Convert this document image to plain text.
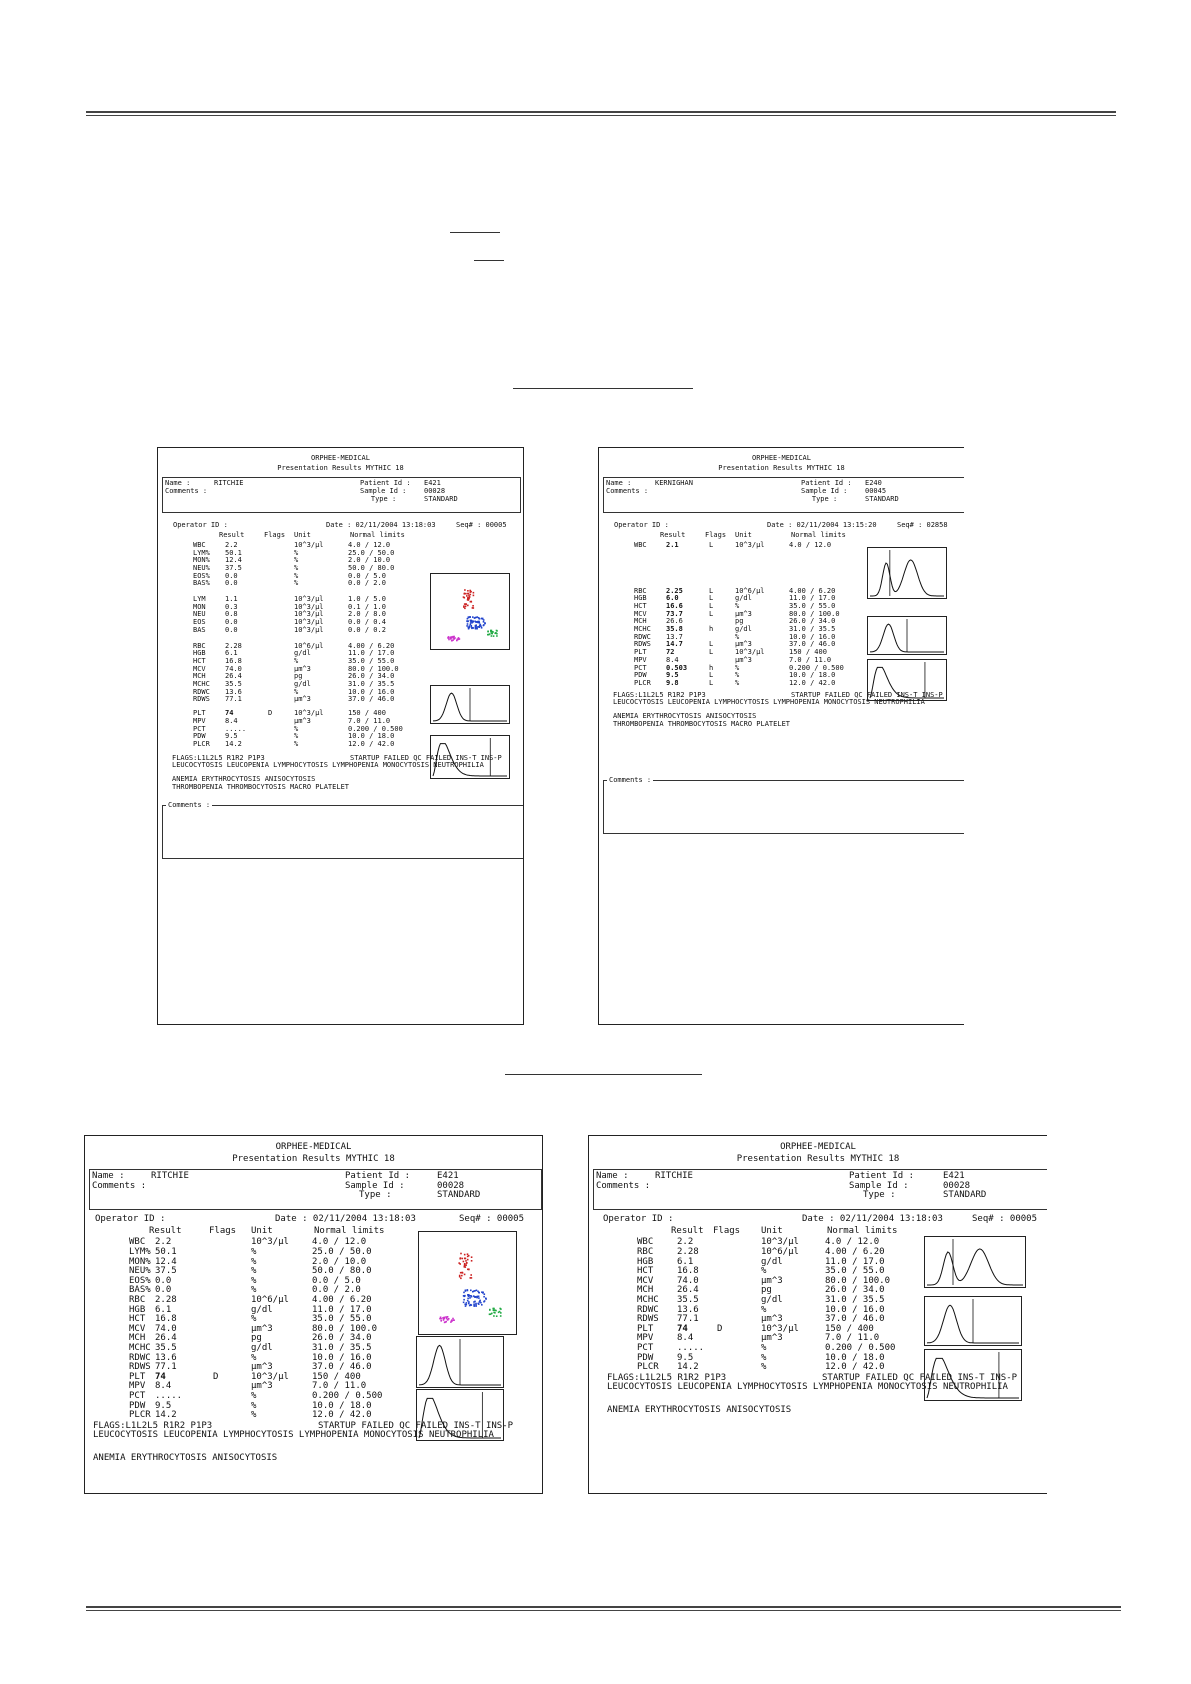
ORPHEE-MEDICAL
Presentation Results MYTHIC 18
Name :	RITCHIE
Comments :
Patient Id : E421
Sample Id :	00028
Type :	STANDARD
Operator ID :	Date : 02/11/2004 13:18:03	Seq# : 00005
Result	Flags Unit	Normal limits
WBC	2.2	10^3/µl	4.0 / 12.0
LYM% 50.1	%	25.0 / 50.0
MON% 12.4	%	2.0 / 10.0
NEU% 37.5	%	50.0 / 80.0
EOS% 0.0	%	0.0 / 5.0
BAS% 0.0	%	0.0 / 2.0
LYM	1.1	10^3/µl	1.0 / 5.0
MON	0.3	10^3/µl	0.1 / 1.0
NEU	0.8	10^3/µl	2.0 / 8.0
EOS	0.0	10^3/µl	0.0 / 0.4
BAS	0.0	10^3/µl	0.0 / 0.2
RBC	2.28	10^6/µl	4.00 / 6.20
HGB	6.1	g/dl	11.0 / 17.0
HCT	16.8	%	35.0 / 55.0
MCV	74.0	µm^3	80.0 / 100.0
MCH	26.4	pg	26.0 / 34.0
MCHC 35.5	g/dl	31.0 / 35.5
RDWC 13.6	%	10.0 / 16.0
RDWS 77.1	µm^3	37.0 / 46.0
PLT	74	D	10^3/µl	150 / 400
MPV	8.4	µm^3	7.0 / 11.0
PCT	.....	%	0.200 / 0.500
PDW	9.5	%	10.0 / 18.0
PLCR 14.2	%	12.0 / 42.0
FLAGS:L1L2L5 R1R2 P1P3	STARTUP FAILED QC FAILED INS-T INS-P
LEUCOCYTOSIS LEUCOPENIA LYMPHOCYTOSIS LYMPHOPENIA MONOCYTOSIS NEUTROPHILIA
ANEMIA ERYTHROCYTOSIS ANISOCYTOSIS
THROMBOPENIA THROMBOCYTOSIS MACRO PLATELET
Comments :
ORPHEE-MEDICAL
Presentation Results MYTHIC 18
Name :	KERNIGHAN
Comments :
Patient Id : E240
Sample Id :	00045
Type :	STANDARD
Operator ID :	Date : 02/11/2004 13:15:20	Seq# : 02858
Result	Flags Unit	Normal limits
WBC	2.1	L	10^3/µl	4.0 / 12.0
RBC	2.25	L	10^6/µl	4.00 / 6.20
HGB	6.0	L	g/dl	11.0 / 17.0
HCT	16.6	L	%	35.0 / 55.0
MCV	73.7	L	µm^3	80.0 / 100.0
MCH	26.6	pg	26.0 / 34.0
MCHC 35.8	h	g/dl	31.0 / 35.5
RDWC 13.7	%	10.0 / 16.0
RDWS 14.7	L	µm^3	37.0 / 46.0
PLT	72	L	10^3/µl	150 / 400
MPV	8.4	µm^3	7.0 / 11.0
PCT	0.503	h	%	0.200 / 0.500
PDW	9.5	L	%	10.0 / 18.0
PLCR 9.8	L	%	12.0 / 42.0
FLAGS:L1L2L5 R1R2 P1P3	STARTUP FAILED QC FAILED INS-T INS-P
LEUCOCYTOSIS LEUCOPENIA LYMPHOCYTOSIS LYMPHOPENIA MONOCYTOSIS NEUTROPHILIA
ANEMIA ERYTHROCYTOSIS ANISOCYTOSIS
THROMBOPENIA THROMBOCYTOSIS MACRO PLATELET
Comments :
ORPHEE-MEDICAL
Presentation Results MYTHIC 18
Name :	RITCHIE
Comments :
Patient Id :	E421
Sample Id :	00028
Type :	STANDARD
Operator ID :	Date : 02/11/2004 13:18:03	Seq# : 00005
Result	Flags Unit	Normal limits
WBC 2.2	10^3/µl	4.0 / 12.0
LYM% 50.1	%	25.0 / 50.0
MON% 12.4	%	2.0 / 10.0
NEU% 37.5	%	50.0 / 80.0
EOS% 0.0	%	0.0 / 5.0
BAS% 0.0	%	0.0 / 2.0
RBC 2.28	10^6/µl	4.00 / 6.20
HGB 6.1	g/dl	11.0 / 17.0
HCT 16.8	%	35.0 / 55.0
MCV 74.0	µm^3	80.0 / 100.0
MCH 26.4	pg	26.0 / 34.0
MCHC 35.5	g/dl	31.0 / 35.5
RDWC 13.6	%	10.0 / 16.0
RDWS 77.1	µm^3	37.0 / 46.0
PLT 74	D	10^3/µl	150 / 400
MPV 8.4	µm^3	7.0 / 11.0
PCT .....	%	0.200 / 0.500
PDW 9.5	%	10.0 / 18.0
PLCR 14.2	%	12.0 / 42.0
FLAGS:L1L2L5 R1R2 P1P3	STARTUP FAILED QC FAILED INS-T INS-P
LEUCOCYTOSIS LEUCOPENIA LYMPHOCYTOSIS LYMPHOPENIA MONOCYTOSIS NEUTROPHILIA
ANEMIA ERYTHROCYTOSIS ANISOCYTOSIS
ORPHEE-MEDICAL
Presentation Results MYTHIC 18
Name :	RITCHIE
Comments :
Patient Id :	E421
Sample Id :	00028
Type :	STANDARD
Operator ID :	Date : 02/11/2004 13:18:03	Seq# : 00005
Result Flags Unit	Normal limits
WBC	2.2	10^3/µl	4.0 / 12.0
RBC	2.28	10^6/µl	4.00 / 6.20
HGB	6.1	g/dl	11.0 / 17.0
HCT	16.8	%	35.0 / 55.0
MCV	74.0	µm^3	80.0 / 100.0
MCH	26.4	pg	26.0 / 34.0
MCHC 35.5	g/dl	31.0 / 35.5
RDWC 13.6	%	10.0 / 16.0
RDWS 77.1	µm^3	37.0 / 46.0
PLT	74	D	10^3/µl	150 / 400
MPV	8.4	µm^3	7.0 / 11.0
PCT	.....	%	0.200 / 0.500
PDW	9.5	%	10.0 / 18.0
PLCR 14.2	%	12.0 / 42.0
FLAGS:L1L2L5 R1R2 P1P3	STARTUP FAILED QC FAILED INS-T INS-P
LEUCOCYTOSIS LEUCOPENIA LYMPHOCYTOSIS LYMPHOPENIA MONOCYTOSIS NEUTROPHILIA
ANEMIA ERYTHROCYTOSIS ANISOCYTOSIS
